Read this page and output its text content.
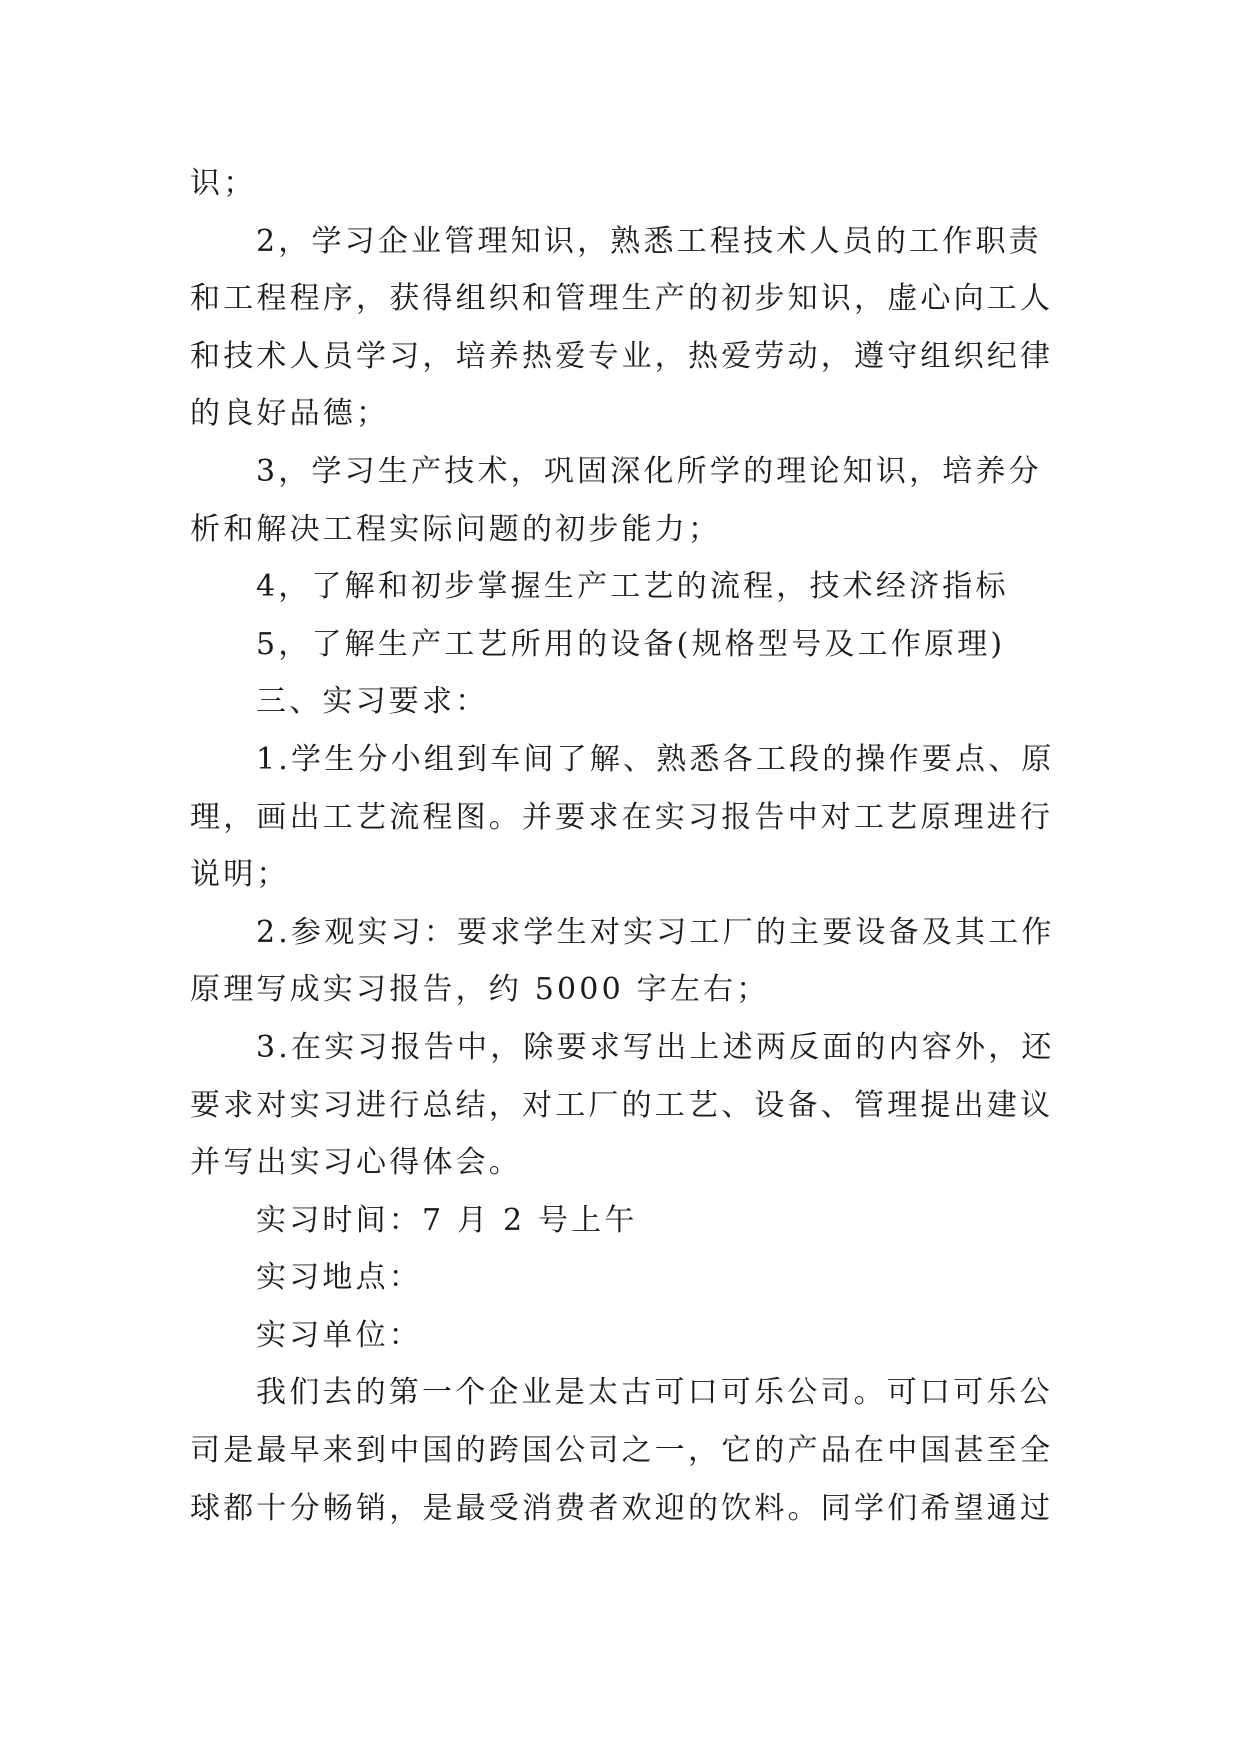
识；
2，学习企业管理知识，熟悉工程技术人员的工作职责
和工程程序，获得组织和管理生产的初步知识，虚心向工人
和技术人员学习，培养热爱专业，热爱劳动，遵守组织纪律
的良好品德；
3，学习生产技术，巩固深化所学的理论知识，培养分
析和解决工程实际问题的初步能力；
4，了解和初步掌握生产工艺的流程，技术经济指标
5，了解生产工艺所用的设备(规格型号及工作原理)
三、实习要求：
1.学生分小组到车间了解、熟悉各工段的操作要点、原
理，画出工艺流程图。并要求在实习报告中对工艺原理进行
说明；
2.参观实习：要求学生对实习工厂的主要设备及其工作
原理写成实习报告，约 5000 字左右；
3.在实习报告中，除要求写出上述两反面的内容外，还
要求对实习进行总结，对工厂的工艺、设备、管理提出建议
并写出实习心得体会。
实习时间：7 月 2 号上午
实习地点：
实习单位：
我们去的第一个企业是太古可口可乐公司。可口可乐公
司是最早来到中国的跨国公司之一，它的产品在中国甚至全
球都十分畅销，是最受消费者欢迎的饮料。同学们希望通过
